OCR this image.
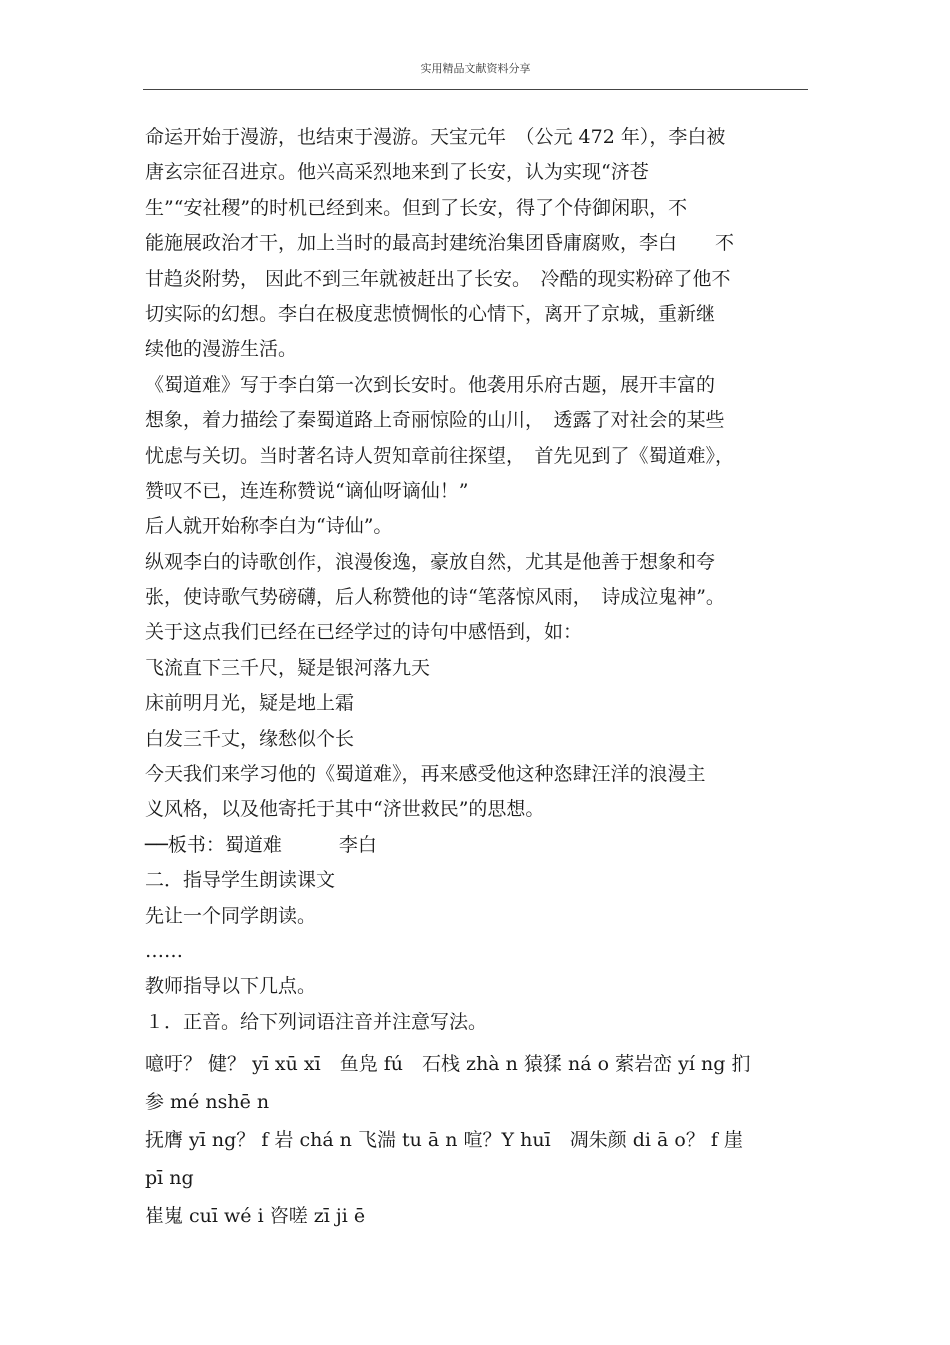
实用精品文献资料分享
命运开始于漫游，也结束于漫游。天宝元年　（公元 472 年），李白被
唐玄宗征召进京。他兴高采烈地来到了长安，认为实现“济苍
生”“安社稷”的时机已经到来。但到了长安，得了个侍御闲职，不
能施展政治才干，加上当时的最高封建统治集团昏庸腐败，李白　　不
甘趋炎附势， 因此不到三年就被赶出了长安。　冷酷的现实粉碎了他不
切实际的幻想。李白在极度悲愤惆怅的心情下，离开了京城，重新继
续他的漫游生活。
《蜀道难》写于李白第一次到长安时。他袭用乐府古题，展开丰富的
想象，着力描绘了秦蜀道路上奇丽惊险的山川，　透露了对社会的某些
忧虑与关切。当时著名诗人贺知章前往探望，　首先见到了《蜀道难》，
赞叹不已，连连称赞说“谪仙呀谪仙！”
后人就开始称李白为“诗仙”。
纵观李白的诗歌创作，浪漫俊逸，豪放自然，尤其是他善于想象和夸
张，使诗歌气势磅礴，后人称赞他的诗“笔落惊风雨，　诗成泣鬼神”。
关于这点我们已经在已经学过的诗句中感悟到，如：
飞流直下三千尺，疑是银河落九天
床前明月光，疑是地上霜
白发三千丈，缘愁似个长
今天我们来学习他的《蜀道难》，再来感受他这种恣肆汪洋的浪漫主
义风格，以及他寄托于其中“济世救民”的思想。
──板书：蜀道难　　　李白
二．指导学生朗读课文
先让一个同学朗读。
……
教师指导以下几点。
１．正音。给下列词语注音并注意写法。
噫吁？ 健？ yī xū xī　鱼凫 fú　石栈 zhà n 猿猱 ná o 萦岩峦 yí ng 扪
参 mé nshē n
抚膺 yī ng？ f 岩 chá n 飞湍 tu ā n 喧？Y huī　凋朱颜 di ā o？ f 崖
pī ng
崔嵬 cuī wé i 咨嗟 zī ji ē
